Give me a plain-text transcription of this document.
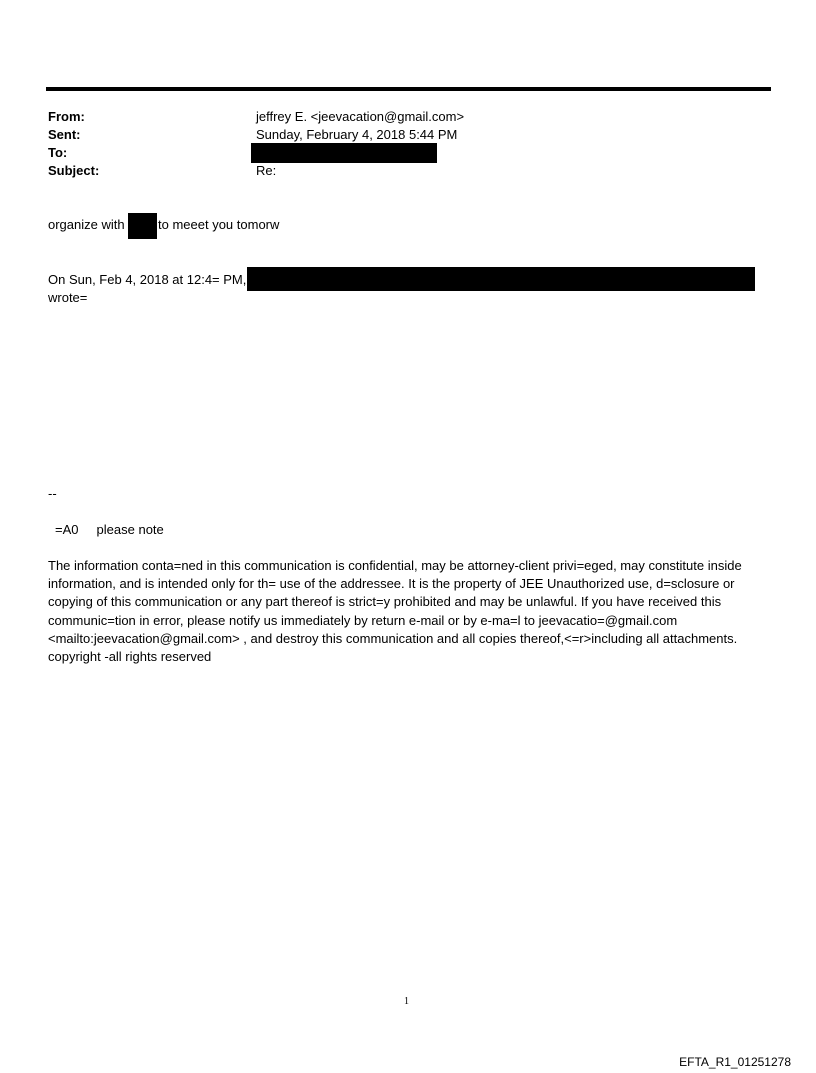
From:	jeffrey E. <jeevacation@gmail.com>
Sent:	Sunday, February 4, 2018 5:44 PM
To:
Subject:	Re:
organize with	to meeet you tomorw
On Sun, Feb 4, 2018 at 12:4= PM,
wrote=
--
=A0     please note
The information conta=ned in this communication is confidential, may be attorney-client privi=eged, may constitute inside information, and is intended only for th= use of the addressee. It is the property of JEE Unauthorized use, d=sclosure or copying of this communication or any part thereof is strict=y prohibited and may be unlawful. If you have received this communic=tion in error, please notify us immediately by return e-mail or by e-ma=l to jeevacatio=@gmail.com <mailto:jeevacation@gmail.com> , and destroy this communication and all copies thereof,<=r>including all attachments. copyright -all rights reserved
1
EFTA_R1_01251278
